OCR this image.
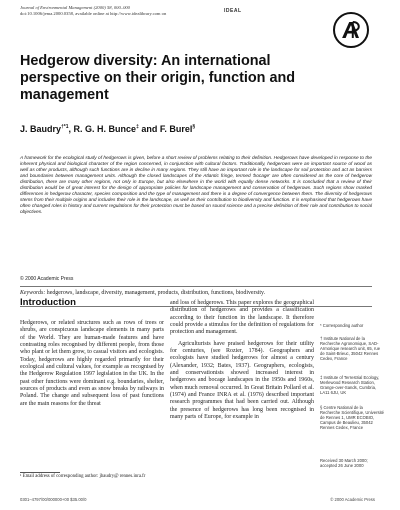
Journal of Environmental Management (2000) 58, 000–000
doi:10.1006/jema.2000.0358, available online at http://www.idealibrary.com on	IDEAL
Hedgerow diversity: An international perspective on their origin, function and management
J. Baudry$^{\dagger*1}$, R. G. H. Bunce‡ and F. Burel§
A framework for the ecological study of hedgerows is given, before a short review of problems relating to their definition. Hedgerows have developed in response to the inherent physical and biological character of the region concerned, in conjunction with cultural factors. Traditionally, hedgerows were an important source of wood as well as other products, although such functions are in decline in many regions. They still have an important role in the landscape for soil protection and act as barriers and boundaries between management units. Although the closed landscapes of the Atlantic fringe, termed 'bocage' are often considered as the core of hedgerow distribution, there are many other regions, not only in Europe, but also elsewhere in the world with equally dense networks. It is concluded that a review of their distribution would be of great interest for the design of appropriate policies for landscape management and conservation of hedgerows. Such regions show marked differences in hedgerow character, species composition and the type of management and there is a degree of convergence between them. The diversity of hedgerows stems from their multiple origins and includes their role in the landscape, as well as their contribution to biodiversity and function. It is emphasised that hedgerows have often changed roles in history and current regulations for their protection must be based on sound science and a precise definition of their role and contribution to social objectives.
© 2000 Academic Press
Keywords: hedgerows, landscape, diversity, management, products, distribution, functions, biodiversity.
Introduction

Hedgerows, or related structures such as rows of trees or shrubs, are conspicuous landscape elements in many parts of the World. They are human-made features and have contrasting roles recognised by different people, from those who plant or let them grow, to casual visitors and ecologists. Today, hedgerows are highly regarded primarily for their ecological and cultural values, for example as recognised by the Hedgerow Regulation 1997 legislation in the UK. In the past other functions were dominant e.g. boundaries, shelter, sources of products and even as snow breaks by railways in Poland. The change and subsequent loss of past functions are the main reasons for the threat

and loss of hedgerows. This paper explores the geographical distribution of hedgerows and provides a classification according to their function in the landscape. It therefore could provide a stimulus for the definition of regulations for protection and management.

Agriculturists have praised hedgerows for their utility for centuries, (see Rozier, 1784). Geographers and ecologists have studied hedgerows for almost a century (Alexander, 1932; Bates, 1937). Geographers, ecologists, and conservationists showed increased interest in hedgerows and bocage landscapes in the 1950s and 1960s, when much removal occurred. In Great Britain Pollard et al. (1974) and France INRA et al. (1976) described important research programmes that had been carried out. Although the presence of hedgerows has long been recognised in many parts of Europe, for example in

¹ Email address of corresponding author: jbaudry@ rennes.inra.fr
* Corresponding author
† Institute National de la Recherche Agronomique, SAD-Armorique research unit, 65, rue de Saint-Brieuc, 35042 Rennes Cedex, France
‡ Institute of Terrestrial Ecology, Merlewood Research Station, Grange-over-Sands, Cumbria, LA11 6JU, UK
§ Centre National de la Recherche Scientifique, Université de Rennes 1, UMR ECOBIO, Campus de Beaulieu, 35042 Rennes Cedex, France
Received 30 March 2000; accepted 26 June 2000
0301–4797/00/000000+00 $35.00/0	© 2000 Academic Press
